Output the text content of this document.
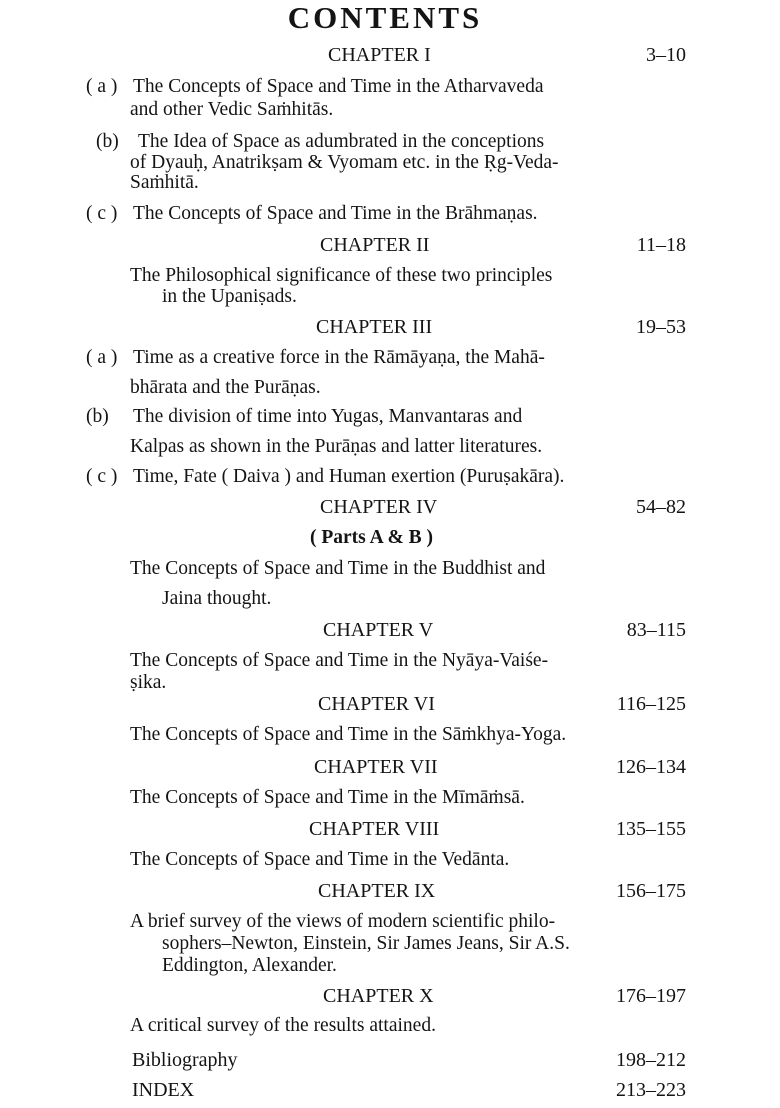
CONTENTS
CHAPTER I	3–10
( a ) The Concepts of Space and Time in the Atharvaveda
and other Vedic Saṁhitās.
(b) The Idea of Space as adumbrated in the conceptions
of Dyauḥ, Anatrikṣam & Vyomam etc. in the Ṛg-Veda-
Saṁhitā.
( c ) The Concepts of Space and Time in the Brāhmaṇas.
CHAPTER II	11–18
The Philosophical significance of these two principles
in the Upaniṣads.
CHAPTER III	19–53
( a ) Time as a creative force in the Rāmāyaṇa, the Mahā-
bhārata and the Purāṇas.
(b) The division of time into Yugas, Manvantaras and
Kalpas as shown in the Purāṇas and latter literatures.
( c ) Time, Fate ( Daiva ) and Human exertion (Puruṣakāra).
CHAPTER IV	54–82
( Parts A & B )
The Concepts of Space and Time in the Buddhist and
Jaina thought.
CHAPTER V	83–115
The Concepts of Space and Time in the Nyāya-Vaiśe-
ṣika.
CHAPTER VI	116–125
The Concepts of Space and Time in the Sāṁkhya-Yoga.
CHAPTER VII	126–134
The Concepts of Space and Time in the Mīmāṁsā.
CHAPTER VIII	135–155
The Concepts of Space and Time in the Vedānta.
CHAPTER IX	156–175
A brief survey of the views of modern scientific philo-
sophers–Newton, Einstein, Sir James Jeans, Sir A.S.
Eddington, Alexander.
CHAPTER X	176–197
A critical survey of the results attained.
Bibliography	198–212
INDEX	213–223
